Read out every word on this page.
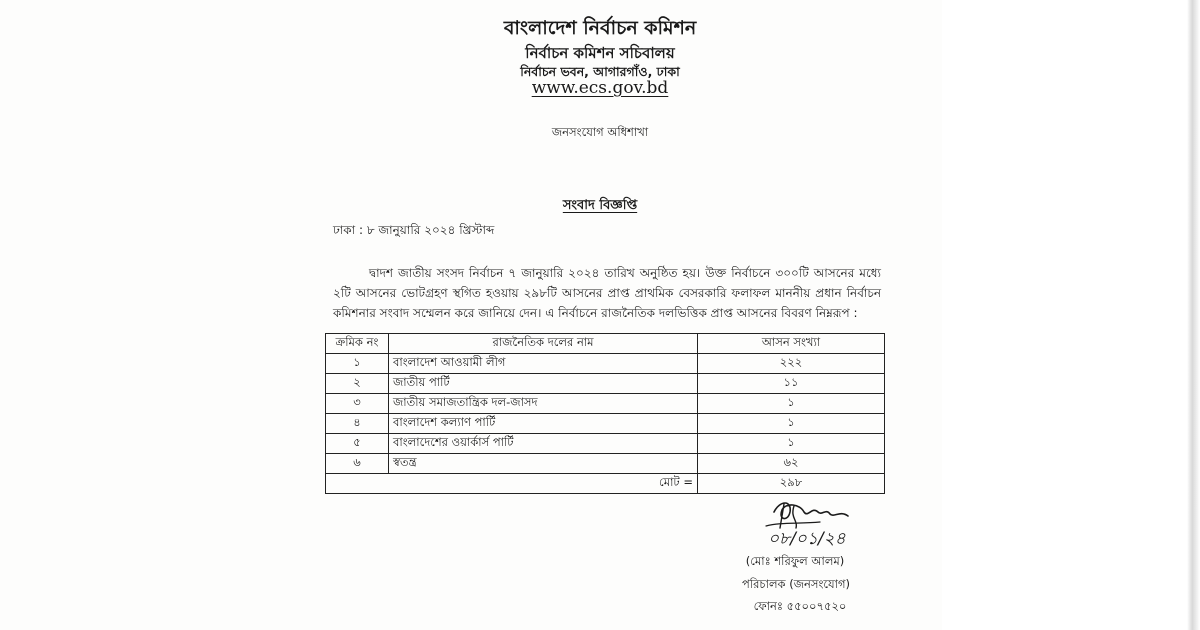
বাংলাদেশ নির্বাচন কমিশন
নির্বাচন কমিশন সচিবালয়
নির্বাচন ভবন, আগারগাঁও, ঢাকা
www.ecs.gov.bd
জনসংযোগ অধিশাখা
সংবাদ বিজ্ঞপ্তি
ঢাকা : ৮ জানুয়ারি ২০২৪ খ্রিস্টাব্দ
দ্বাদশ জাতীয় সংসদ নির্বাচন ৭ জানুয়ারি ২০২৪ তারিখ অনুষ্ঠিত হয়। উক্ত নির্বাচনে ৩০০টি আসনের মধ্যে ২টি আসনের ভোটগ্রহণ স্থগিত হওয়ায় ২৯৮টি আসনের প্রাপ্ত প্রাথমিক বেসরকারি ফলাফল মাননীয় প্রধান নির্বাচন কমিশনার সংবাদ সম্মেলন করে জানিয়ে দেন। এ নির্বাচনে রাজনৈতিক দলভিত্তিক প্রাপ্ত আসনের বিবরণ নিম্নরূপ :
ক্রমিক নং	রাজনৈতিক দলের নাম	আসন সংখ্যা
১	বাংলাদেশ আওয়ামী লীগ	২২২
২	জাতীয় পার্টি	১১
৩	জাতীয় সমাজতান্ত্রিক দল-জাসদ	১
৪	বাংলাদেশ কল্যাণ পার্টি	১
৫	বাংলাদেশের ওয়ার্কার্স পার্টি	১
৬	স্বতন্ত্র	৬২
মোট =		২৯৮
০৮/০১/২৪
(মোঃ শরিফুল আলম)
পরিচালক (জনসংযোগ)
ফোনঃ ৫৫০০৭৫২০
